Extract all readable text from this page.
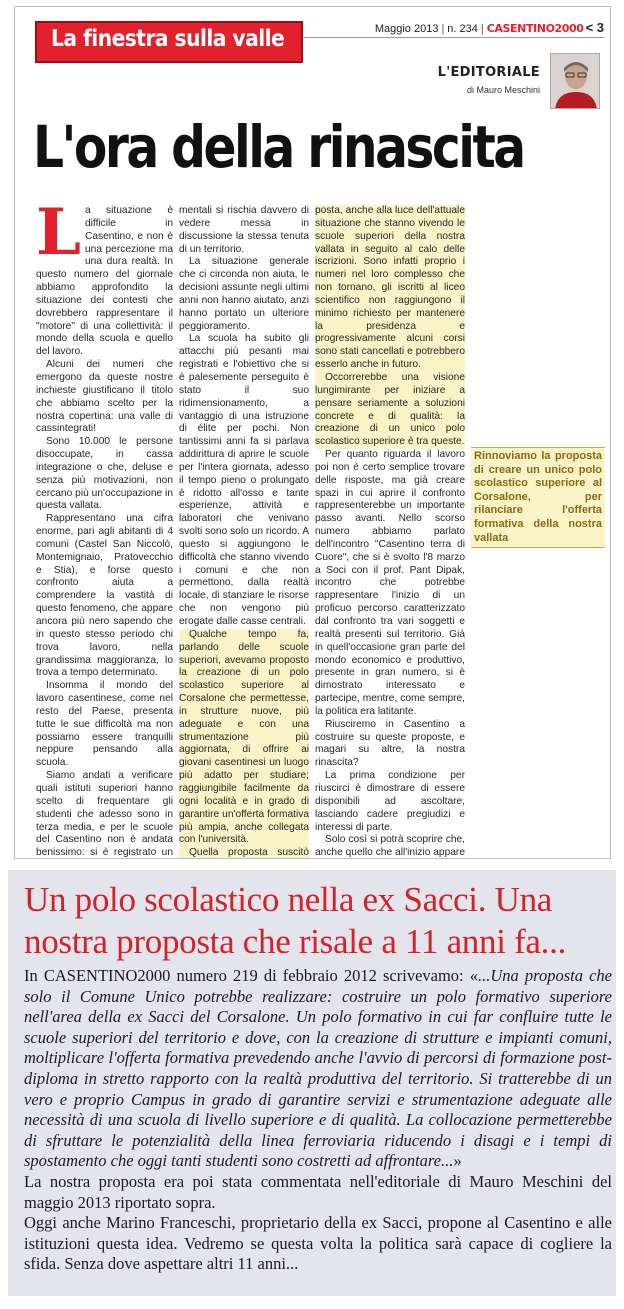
La finestra sulla valle	Maggio 2013 | n. 234 | CASENTINO2000 < 3
L'EDITORIALE
di Mauro Meschini
L'ora della rinascita

La situazione è difficile in Casentino, e non è una percezione ma una dura realtà. In questo numero del giornale abbiamo approfondito la situazione dei contesti che dovrebbero rappresentare il "motore" di una collettività: il mondo della scuola e quello del lavoro.

Alcuni dei numeri che emergono da queste nostre inchieste giustificano il titolo che abbiamo scelto per la nostra copertina: una valle di cassintegrati!

Sono 10.000 le persone disoccupate, in cassa integrazione o che, deluse e senza più motivazioni, non cercano più un'occupazione in questa vallata.

Rappresentano una cifra enorme, pari agli abitanti di 4 comuni (Castel San Niccolò, Montemignaio, Pratovecchio e Stia), e forse questo confronto aiuta a comprendere la vastità di questo fenomeno, che appare ancora più nero sapendo che in questo stesso periodo chi trova lavoro, nella grandissima maggioranza, lo trova a tempo determinato.

Insomma il mondo del lavoro casentinese, come nel resto del Paese, presenta tutte le sue difficoltà ma non possiamo essere tranquilli neppure pensando alla scuola.

Siamo andati a verificare quali istituti superiori hanno scelto di frequentare gli studenti che adesso sono in terza media, e per le scuole del Casentino non è andata benissimo: si è registrato un

mentali si rischia davvero di vedere messa in discussione la stessa tenuta di un territorio.

La situazione generale che ci circonda non aiuta, le decisioni assunte negli ultimi anni non hanno aiutato, anzi hanno portato un ulteriore peggioramento.

La scuola ha subito gli attacchi più pesanti mai registrati e l'obiettivo che si è palesemente perseguito è stato il suo ridimensionamento, a vantaggio di una istruzione di élite per pochi. Non tantissimi anni fa si parlava addirittura di aprire le scuole per l'intera giornata, adesso il tempo pieno o prolungato è ridotto all'osso e tante esperienze, attività e laboratori che venivano svolti sono solo un ricordo. A questo si aggiungono le difficoltà che stanno vivendo i comuni e che non permettono, dalla realtà locale, di stanziare le risorse che non vengono più erogate dalle casse centrali.

Qualche tempo fa, parlando delle scuole superiori, avevamo proposto la creazione di un polo scolastico superiore al Corsalone che permettesse, in strutture nuove, più adeguate e con una strumentazione più aggiornata, di offrire ai giovani casentinesi un luogo più adatto per studiare; raggiungibile facilmente da ogni località e in grado di garantire un'offerta formativa più ampia, anche collegata con l'università.

Quella proposta suscitò

posta, anche alla luce dell'attuale situazione che stanno vivendo le scuole superiori della nostra vallata in seguito al calo delle iscrizioni. Sono infatti proprio i numeri nel loro complesso che non tornano, gli iscritti al liceo scientifico non raggiungono il minimo richiesto per mantenere la presidenza e progressivamente alcuni corsi sono stati cancellati e potrebbero esserlo anche in futuro.

Occorrerebbe una visione lungimirante per iniziare a pensare seriamente a soluzioni concrete e di qualità: la creazione di un unico polo scolastico superiore è tra queste.

Per quanto riguarda il lavoro poi non è certo semplice trovare delle risposte, ma già creare spazi in cui aprire il confronto rappresenterebbe un importante passo avanti. Nello scorso numero abbiamo parlato dell'incontro "Casentino terra di Cuore", che si è svolto l'8 marzo a Soci con il prof. Pant Dipak, incontro che potrebbe rappresentare l'inizio di un proficuo percorso caratterizzato dal confronto tra vari soggetti e realtà presenti sul territorio. Già in quell'occasione gran parte del mondo economico e produttivo, presente in gran numero, si è dimostrato interessato e partecipe, mentre, come sempre, la politica era latitante.

Riusciremo in Casentino a costruire su queste proposte, e magari su altre, la nostra rinascita?

La prima condizione per riuscirci è dimostrare di essere disponibili ad ascoltare, lasciando cadere pregiudizi e interessi di parte.

Solo così si potrà scoprire che, anche quello che all'inizio appare

Rinnoviamo la proposta di creare un unico polo scolastico superiore al Corsalone, per rilanciare l'offerta formativa della nostra vallata
Un polo scolastico nella ex Sacci. Una nostra proposta che risale a 11 anni fa...

In CASENTINO2000 numero 219 di febbraio 2012 scrivevamo: «...Una proposta che solo il Comune Unico potrebbe realizzare: costruire un polo formativo superiore nell'area della ex Sacci del Corsalone. Un polo formativo in cui far confluire tutte le scuole superiori del territorio e dove, con la creazione di strutture e impianti comuni, moltiplicare l'offerta formativa prevedendo anche l'avvio di percorsi di formazione post-diploma in stretto rapporto con la realtà produttiva del territorio. Si tratterebbe di un vero e proprio Campus in grado di garantire servizi e strumentazione adeguate alle necessità di una scuola di livello superiore e di qualità. La collocazione permetterebbe di sfruttare le potenzialità della linea ferroviaria riducendo i disagi e i tempi di spostamento che oggi tanti studenti sono costretti ad affrontare...»

La nostra proposta era poi stata commentata nell'editoriale di Mauro Meschini del maggio 2013 riportato sopra.

Oggi anche Marino Franceschi, proprietario della ex Sacci, propone al Casentino e alle istituzioni questa idea. Vedremo se questa volta la politica sarà capace di cogliere la sfida. Senza dove aspettare altri 11 anni...
